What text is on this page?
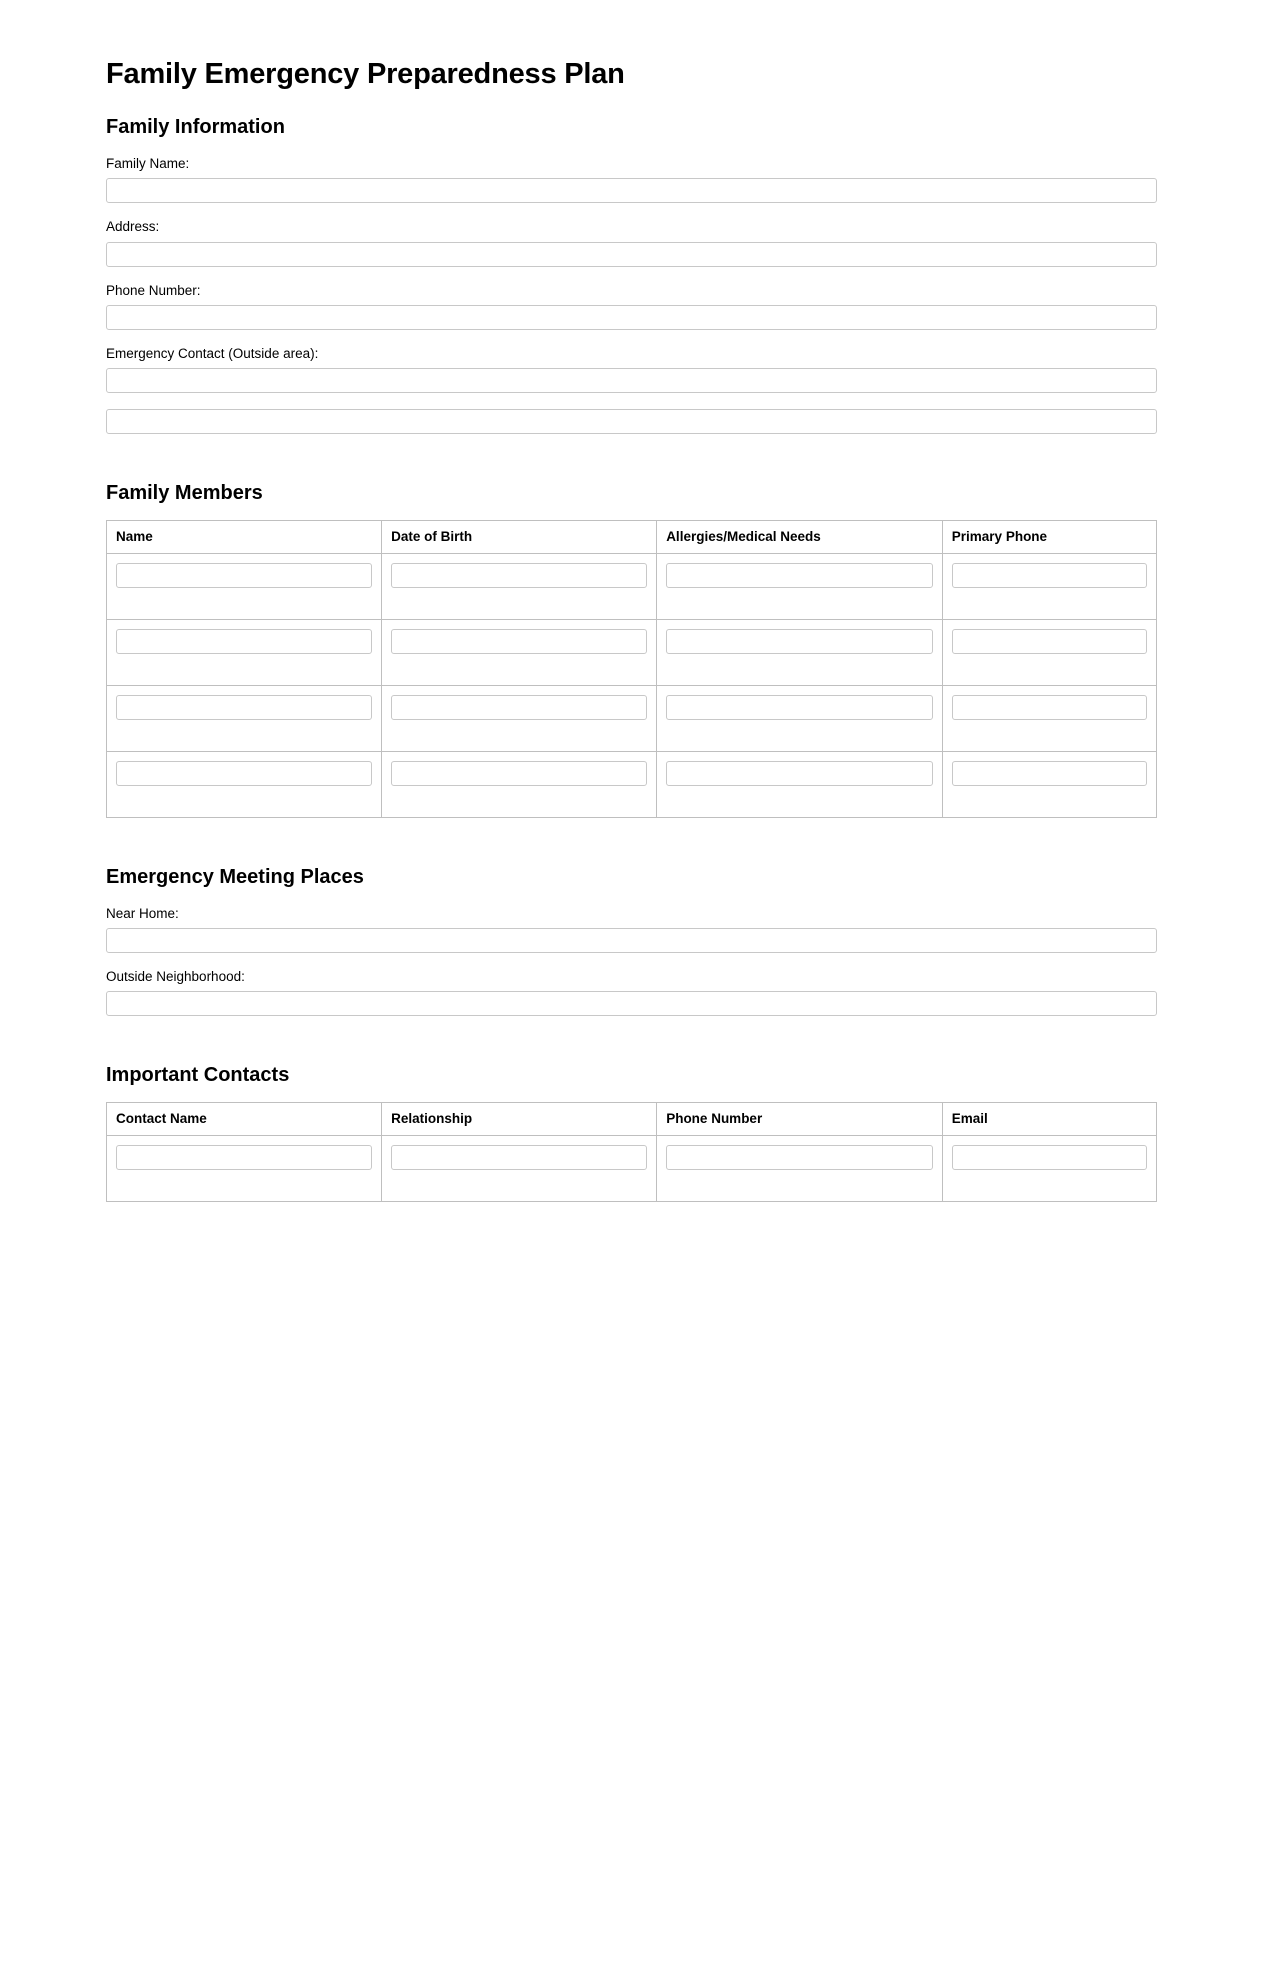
Family Emergency Preparedness Plan
Family Information
Family Name:
Address:
Phone Number:
Emergency Contact (Outside area):
Family Members
Name	Date of Birth	Allergies/Medical Needs	Primary Phone

Emergency Meeting Places
Near Home:
Outside Neighborhood:
Important Contacts
Contact Name	Relationship	Phone Number	Email
